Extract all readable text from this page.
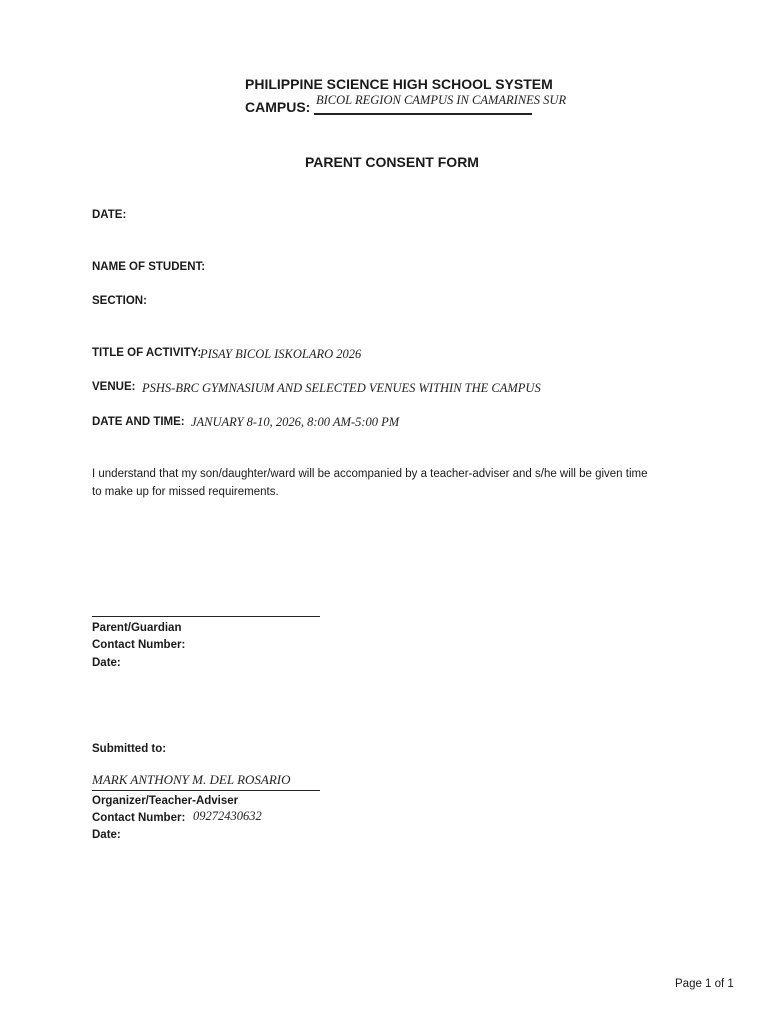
PHILIPPINE SCIENCE HIGH SCHOOL SYSTEM
CAMPUS: BICOL REGION CAMPUS IN CAMARINES SUR
PARENT CONSENT FORM
DATE:
NAME OF STUDENT:
SECTION:
TITLE OF ACTIVITY:
PISAY BICOL ISKOLARO 2026
VENUE: PSHS-BRC GYMNASIUM AND SELECTED VENUES WITHIN THE CAMPUS
DATE AND TIME: JANUARY 8-10, 2026, 8:00 AM-5:00 PM
I understand that my son/daughter/ward will be accompanied by a teacher-adviser and s/he will be given time to make up for missed requirements.
Parent/Guardian
Contact Number:
Date:
Submitted to:
MARK ANTHONY M. DEL ROSARIO
Organizer/Teacher-Adviser
Contact Number: 09272430632
Date:
Page 1 of 1
